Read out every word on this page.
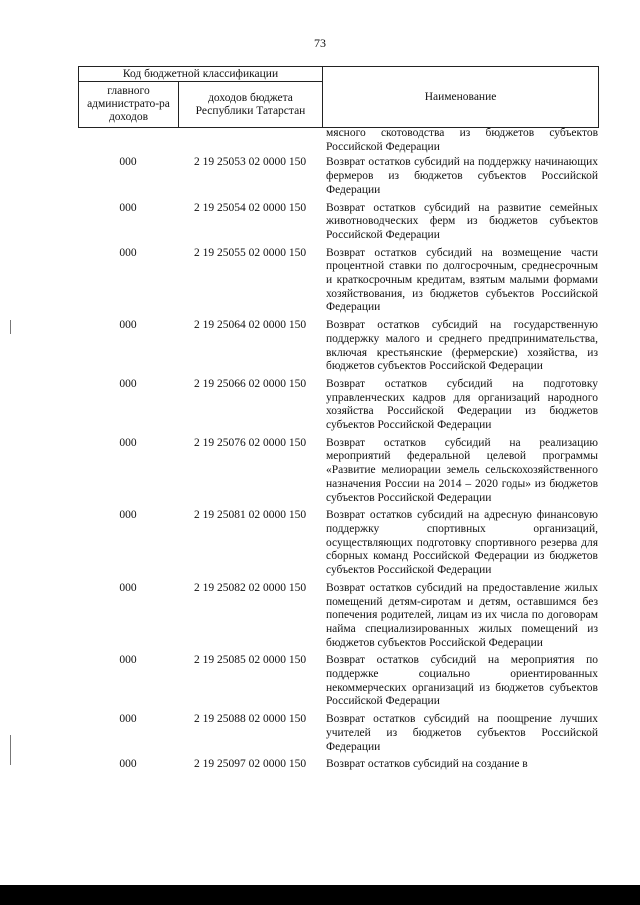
73
Код бюджетной классификации		Наименование
главного администрато-ра доходов	доходов бюджета Республики Татарстан	
мясного скотоводства из бюджетов субъектов Российской Федерации
000	2 19 25053 02 0000 150	Возврат остатков субсидий на поддержку начинающих фермеров из бюджетов субъектов Российской Федерации
000	2 19 25054 02 0000 150	Возврат остатков субсидий на развитие семейных животноводческих ферм из бюджетов субъектов Российской Федерации
000	2 19 25055 02 0000 150	Возврат остатков субсидий на возмещение части процентной ставки по долгосрочным, среднесрочным и краткосрочным кредитам, взятым малыми формами хозяйствования, из бюджетов субъектов Российской Федерации
000	2 19 25064 02 0000 150	Возврат остатков субсидий на государственную поддержку малого и среднего предпринимательства, включая крестьянские (фермерские) хозяйства, из бюджетов субъектов Российской Федерации
000	2 19 25066 02 0000 150	Возврат остатков субсидий на подготовку управленческих кадров для организаций народного хозяйства Российской Федерации из бюджетов субъектов Российской Федерации
000	2 19 25076 02 0000 150	Возврат остатков субсидий на реализацию мероприятий федеральной целевой программы «Развитие мелиорации земель сельскохозяйственного назначения России на 2014 – 2020 годы» из бюджетов субъектов Российской Федерации
000	2 19 25081 02 0000 150	Возврат остатков субсидий на адресную финансовую поддержку спортивных организаций, осуществляющих подготовку спортивного резерва для сборных команд Российской Федерации из бюджетов субъектов Российской Федерации
000	2 19 25082 02 0000 150	Возврат остатков субсидий на предоставление жилых помещений детям-сиротам и детям, оставшимся без попечения родителей, лицам из их числа по договорам найма специализированных жилых помещений из бюджетов субъектов Российской Федерации
000	2 19 25085 02 0000 150	Возврат остатков субсидий на мероприятия по поддержке социально ориентированных некоммерческих организаций из бюджетов субъектов Российской Федерации
000	2 19 25088 02 0000 150	Возврат остатков субсидий на поощрение лучших учителей из бюджетов субъектов Российской Федерации
000	2 19 25097 02 0000 150	Возврат остатков субсидий на создание в
